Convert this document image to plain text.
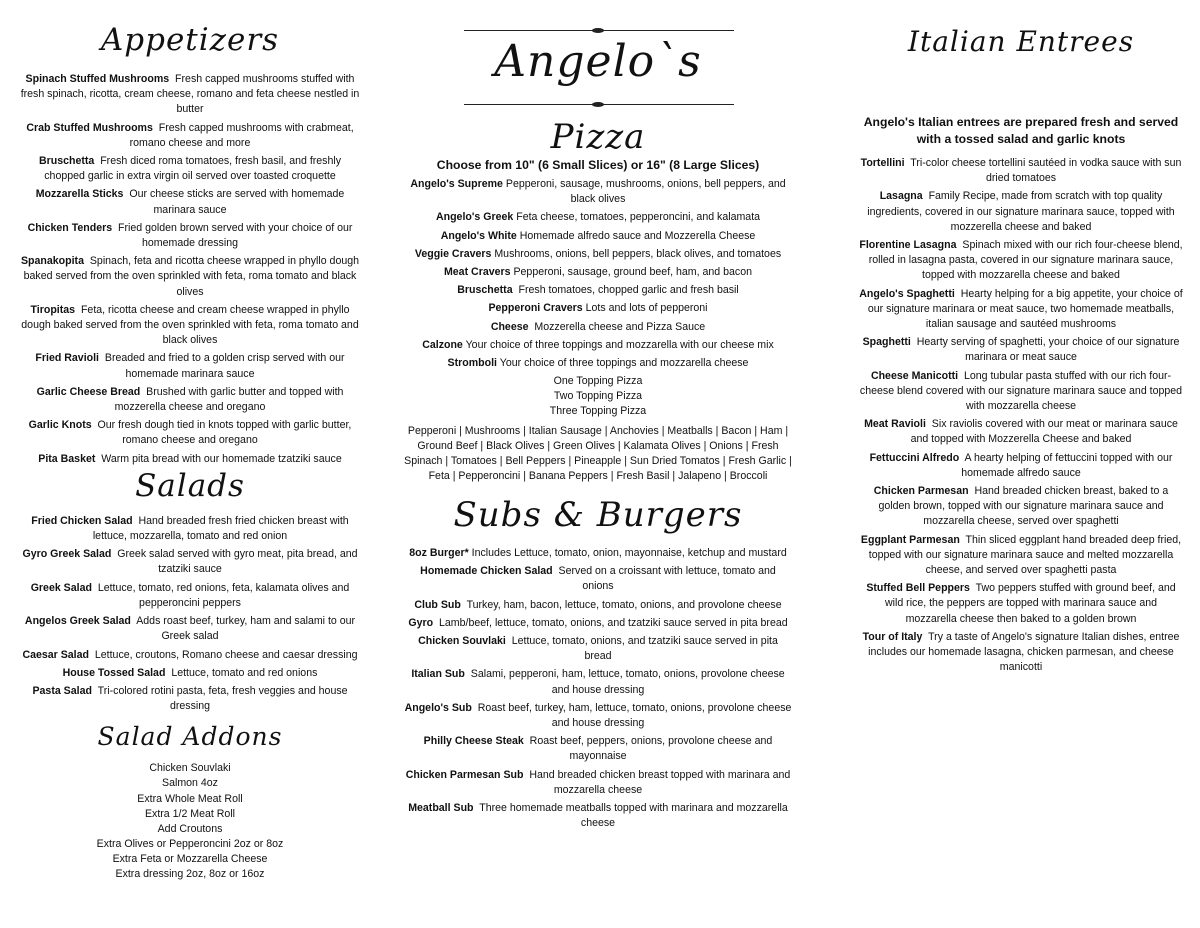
Appetizers
Spinach Stuffed Mushrooms Fresh capped mushrooms stuffed with fresh spinach, ricotta, cream cheese, romano and feta cheese nestled in butter
Crab Stuffed Mushrooms Fresh capped mushrooms with crabmeat, romano cheese and more
Bruschetta Fresh diced roma tomatoes, fresh basil, and freshly chopped garlic in extra virgin oil served over toasted croquette
Mozzarella Sticks Our cheese sticks are served with homemade marinara sauce
Chicken Tenders Fried golden brown served with your choice of our homemade dressing
Spanakopita Spinach, feta and ricotta cheese wrapped in phyllo dough baked served from the oven sprinkled with feta, roma tomato and black olives
Tiropitas Feta, ricotta cheese and cream cheese wrapped in phyllo dough baked served from the oven sprinkled with feta, roma tomato and black olives
Fried Ravioli Breaded and fried to a golden crisp served with our homemade marinara sauce
Garlic Cheese Bread Brushed with garlic butter and topped with mozzerella cheese and oregano
Garlic Knots Our fresh dough tied in knots topped with garlic butter, romano cheese and oregano
Pita Basket Warm pita bread with our homemade tzatziki sauce
Salads
Fried Chicken Salad Hand breaded fresh fried chicken breast with lettuce, mozzarella, tomato and red onion
Gyro Greek Salad Greek salad served with gyro meat, pita bread, and tzatziki sauce
Greek Salad Lettuce, tomato, red onions, feta, kalamata olives and pepperoncini peppers
Angelos Greek Salad Adds roast beef, turkey, ham and salami to our Greek salad
Caesar Salad Lettuce, croutons, Romano cheese and caesar dressing
House Tossed Salad Lettuce, tomato and red onions
Pasta Salad Tri-colored rotini pasta, feta, fresh veggies and house dressing
Salad Addons
Chicken Souvlaki
Salmon 4oz
Extra Whole Meat Roll
Extra 1/2 Meat Roll
Add Croutons
Extra Olives or Pepperoncini 2oz or 8oz
Extra Feta or Mozzarella Cheese
Extra dressing 2oz, 8oz or 16oz
Angelo`s
Pizza
Choose from 10" (6 Small Slices) or 16" (8 Large Slices)
Angelo's Supreme Pepperoni, sausage, mushrooms, onions, bell peppers, and black olives
Angelo's Greek Feta cheese, tomatoes, pepperoncini, and kalamata
Angelo's White Homemade alfredo sauce and Mozzerella Cheese
Veggie Cravers Mushrooms, onions, bell peppers, black olives, and tomatoes
Meat Cravers Pepperoni, sausage, ground beef, ham, and bacon
Bruschetta Fresh tomatoes, chopped garlic and fresh basil
Pepperoni Cravers Lots and lots of pepperoni
Cheese Mozzerella cheese and Pizza Sauce
Calzone Your choice of three toppings and mozzarella with our cheese mix
Stromboli Your choice of three toppings and mozzarella cheese
One Topping Pizza
Two Topping Pizza
Three Topping Pizza
Pepperoni | Mushrooms | Italian Sausage | Anchovies | Meatballs | Bacon | Ham | Ground Beef | Black Olives | Green Olives | Kalamata Olives | Onions | Fresh Spinach | Tomatoes | Bell Peppers | Pineapple | Sun Dried Tomatos | Fresh Garlic | Feta | Pepperoncini | Banana Peppers | Fresh Basil | Jalapeno | Broccoli
Subs & Burgers
8oz Burger* Includes Lettuce, tomato, onion, mayonnaise, ketchup and mustard
Homemade Chicken Salad Served on a croissant with lettuce, tomato and onions
Club Sub Turkey, ham, bacon, lettuce, tomato, onions, and provolone cheese
Gyro Lamb/beef, lettuce, tomato, onions, and tzatziki sauce served in pita bread
Chicken Souvlaki Lettuce, tomato, onions, and tzatziki sauce served in pita bread
Italian Sub Salami, pepperoni, ham, lettuce, tomato, onions, provolone cheese and house dressing
Angelo's Sub Roast beef, turkey, ham, lettuce, tomato, onions, provolone cheese and house dressing
Philly Cheese Steak Roast beef, peppers, onions, provolone cheese and mayonnaise
Chicken Parmesan Sub Hand breaded chicken breast topped with marinara and mozzarella cheese
Meatball Sub Three homemade meatballs topped with marinara and mozzarella cheese
Italian Entrees
Angelo's Italian entrees are prepared fresh and served with a tossed salad and garlic knots
Tortellini Tri-color cheese tortellini sautéed in vodka sauce with sun dried tomatoes
Lasagna Family Recipe, made from scratch with top quality ingredients, covered in our signature marinara sauce, topped with mozzerella cheese and baked
Florentine Lasagna Spinach mixed with our rich four-cheese blend, rolled in lasagna pasta, covered in our signature marinara sauce, topped with mozzarella cheese and baked
Angelo's Spaghetti Hearty helping for a big appetite, your choice of our signature marinara or meat sauce, two homemade meatballs, italian sausage and sautéed mushrooms
Spaghetti Hearty serving of spaghetti, your choice of our signature marinara or meat sauce
Cheese Manicotti Long tubular pasta stuffed with our rich four-cheese blend covered with our signature marinara sauce and topped with mozzarella cheese
Meat Ravioli Six raviolis covered with our meat or marinara sauce and topped with Mozzerella Cheese and baked
Fettuccini Alfredo A hearty helping of fettuccini topped with our homemade alfredo sauce
Chicken Parmesan Hand breaded chicken breast, baked to a golden brown, topped with our signature marinara sauce and mozzarella cheese, served over spaghetti
Eggplant Parmesan Thin sliced eggplant hand breaded deep fried, topped with our signature marinara sauce and melted mozzarella cheese, and served over spaghetti pasta
Stuffed Bell Peppers Two peppers stuffed with ground beef, and wild rice, the peppers are topped with marinara sauce and mozzarella cheese then baked to a golden brown
Tour of Italy Try a taste of Angelo's signature Italian dishes, entree includes our homemade lasagna, chicken parmesan, and cheese manicotti
